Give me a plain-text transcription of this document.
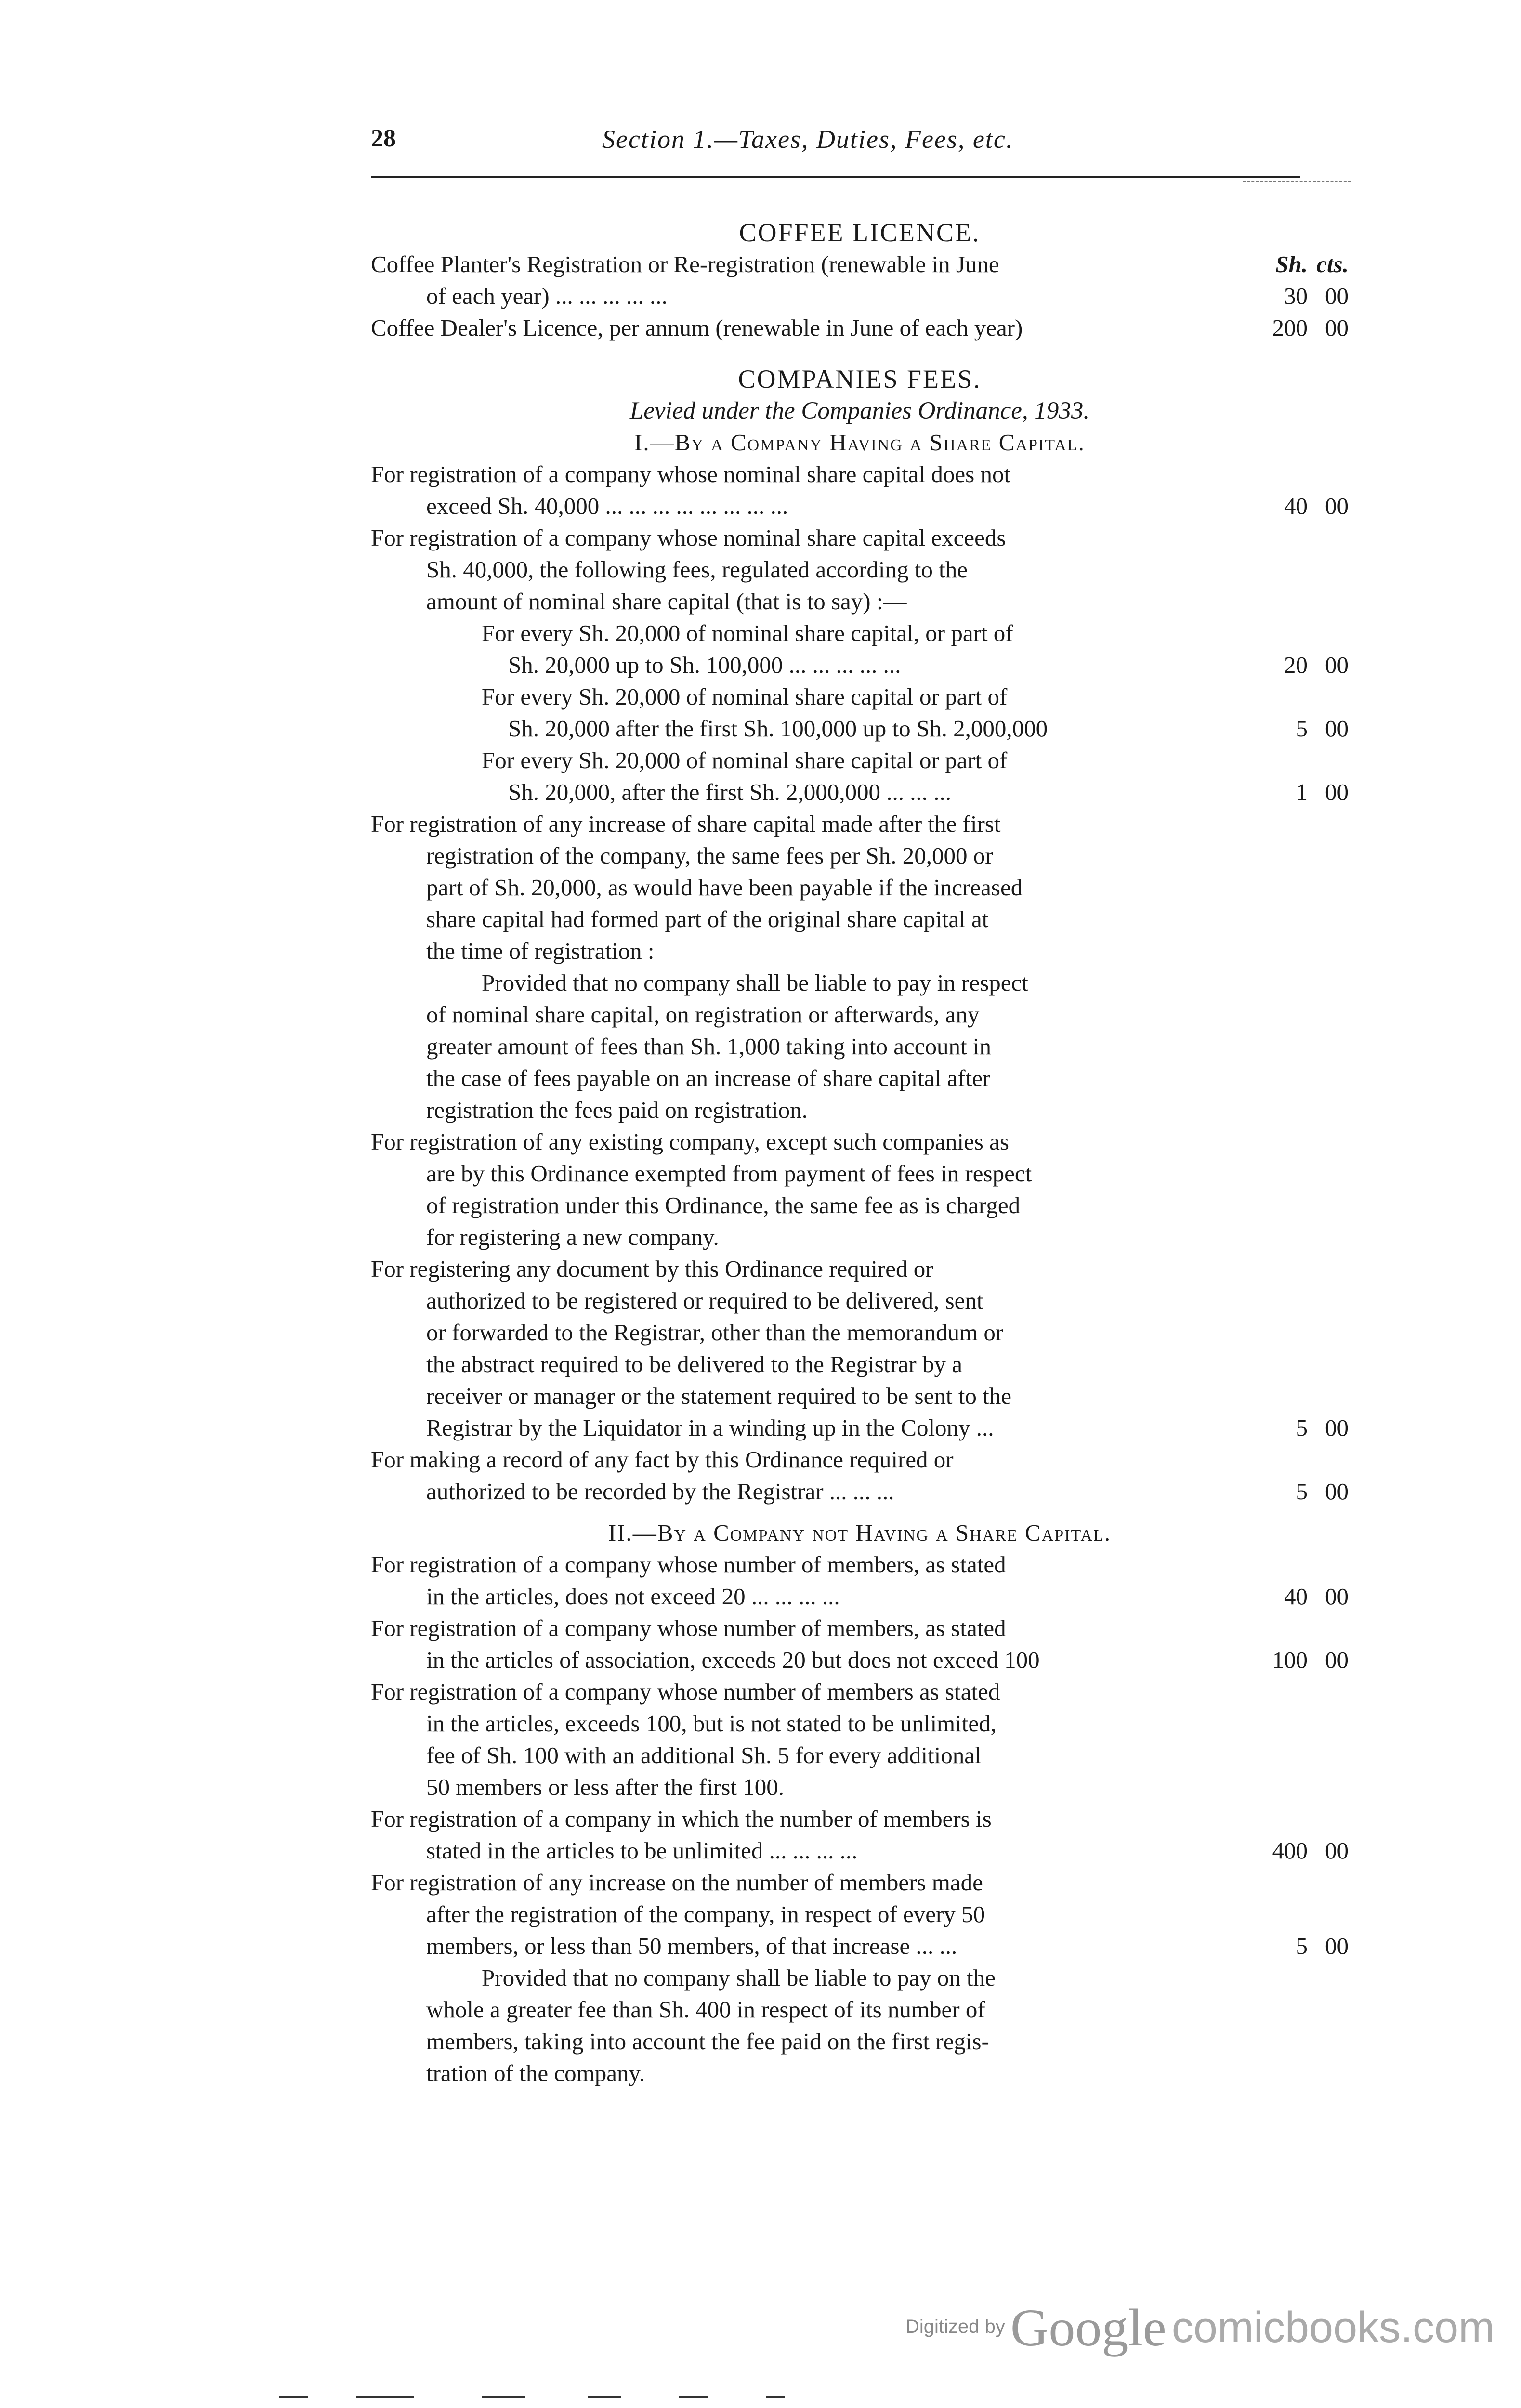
28	Section 1.—Taxes, Duties, Fees, etc.
COFFEE LICENCE.
Coffee Planter's Registration or Re-registration (renewable in June	Sh. cts.
of each year) ... ... ... ... ...	30 00
Coffee Dealer's Licence, per annum (renewable in June of each year)	200 00
COMPANIES FEES.
Levied under the Companies Ordinance, 1933.
I.—By a Company Having a Share Capital.
For registration of a company whose nominal share capital does not
exceed Sh. 40,000 ... ... ... ... ... ... ... ...	40 00
For registration of a company whose nominal share capital exceeds
Sh. 40,000, the following fees, regulated according to the
amount of nominal share capital (that is to say) :—
For every Sh. 20,000 of nominal share capital, or part of
Sh. 20,000 up to Sh. 100,000 ... ... ... ... ...	20 00
For every Sh. 20,000 of nominal share capital or part of
Sh. 20,000 after the first Sh. 100,000 up to Sh. 2,000,000	5 00
For every Sh. 20,000 of nominal share capital or part of
Sh. 20,000, after the first Sh. 2,000,000 ... ... ...	1 00
For registration of any increase of share capital made after the first
registration of the company, the same fees per Sh. 20,000 or
part of Sh. 20,000, as would have been payable if the increased
share capital had formed part of the original share capital at
the time of registration :
Provided that no company shall be liable to pay in respect
of nominal share capital, on registration or afterwards, any
greater amount of fees than Sh. 1,000 taking into account in
the case of fees payable on an increase of share capital after
registration the fees paid on registration.
For registration of any existing company, except such companies as
are by this Ordinance exempted from payment of fees in respect
of registration under this Ordinance, the same fee as is charged
for registering a new company.
For registering any document by this Ordinance required or
authorized to be registered or required to be delivered, sent
or forwarded to the Registrar, other than the memorandum or
the abstract required to be delivered to the Registrar by a
receiver or manager or the statement required to be sent to the
Registrar by the Liquidator in a winding up in the Colony ...	5 00
For making a record of any fact by this Ordinance required or
authorized to be recorded by the Registrar ... ... ...	5 00
II.—By a Company not Having a Share Capital.
For registration of a company whose number of members, as stated
in the articles, does not exceed 20 ... ... ... ...	40 00
For registration of a company whose number of members, as stated
in the articles of association, exceeds 20 but does not exceed 100	100 00
For registration of a company whose number of members as stated
in the articles, exceeds 100, but is not stated to be unlimited,
fee of Sh. 100 with an additional Sh. 5 for every additional
50 members or less after the first 100.
For registration of a company in which the number of members is
stated in the articles to be unlimited ... ... ... ...	400 00
For registration of any increase on the number of members made
after the registration of the company, in respect of every 50
members, or less than 50 members, of that increase ... ...	5 00
Provided that no company shall be liable to pay on the
whole a greater fee than Sh. 400 in respect of its number of
members, taking into account the fee paid on the first regis-
tration of the company.
Digitized by Google comicbooks.com
